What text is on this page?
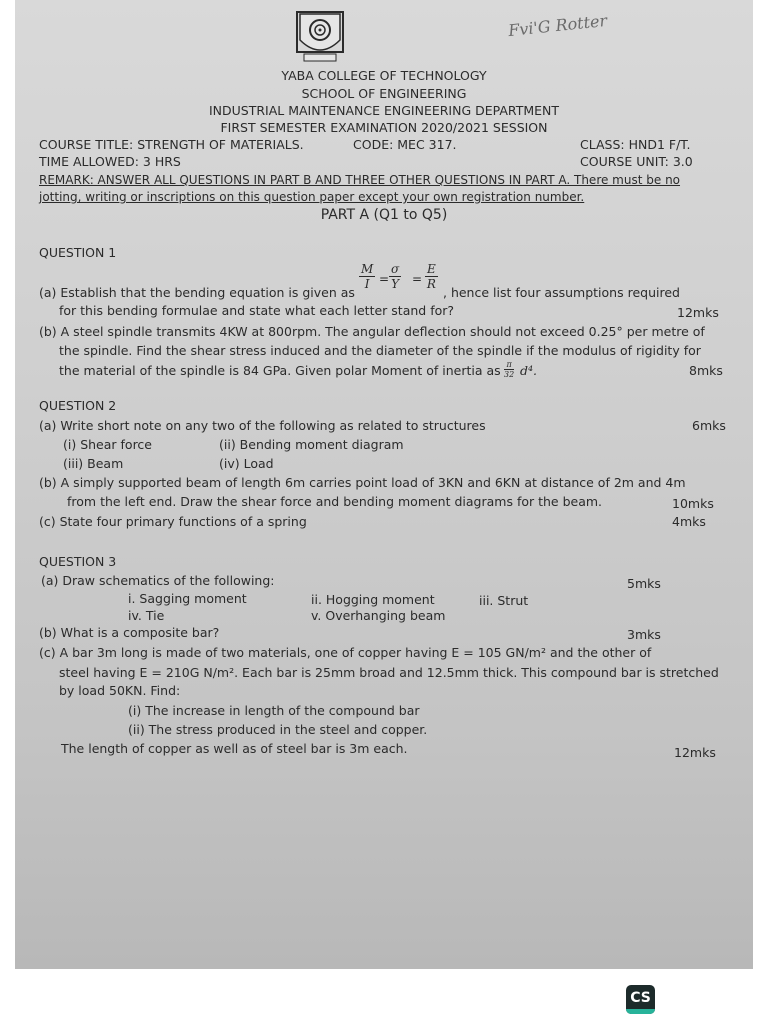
Fvi'G Rotter
YABA COLLEGE OF TECHNOLOGY
SCHOOL OF ENGINEERING
INDUSTRIAL MAINTENANCE ENGINEERING DEPARTMENT
FIRST SEMESTER EXAMINATION 2020/2021 SESSION
COURSE TITLE: STRENGTH OF MATERIALS.	CODE: MEC 317.	CLASS: HND1 F/T.
TIME ALLOWED: 3 HRS	COURSE UNIT: 3.0
REMARK: ANSWER ALL QUESTIONS IN PART B AND THREE OTHER QUESTIONS IN PART A. There must be no
jotting, writing or inscriptions on this question paper except your own registration number.
PART A (Q1 to Q5)
QUESTION 1
$\frac{M}{I} = \frac{\sigma}{Y} = \frac{E}{R}$
(a) Establish that the bending equation is given as	, hence list four assumptions required
for this bending formulae and state what each letter stand for?	12mks
(b) A steel spindle transmits 4KW at 800rpm. The angular deflection should not exceed 0.25° per metre of
the spindle. Find the shear stress induced and the diameter of the spindle if the modulus of rigidity for
the material of the spindle is 84 GPa. Given polar Moment of inertia as $\frac{\pi}{32} d^4$.	8mks
QUESTION 2
(a) Write short note on any two of the following as related to structures	6mks
(i) Shear force	(ii) Bending moment diagram
(iii) Beam	(iv) Load
(b) A simply supported beam of length 6m carries point load of 3KN and 6KN at distance of 2m and 4m
from the left end. Draw the shear force and bending moment diagrams for the beam.	10mks
(c) State four primary functions of a spring	4mks
QUESTION 3
(a) Draw schematics of the following:	5mks
i. Sagging moment	ii. Hogging moment	iii. Strut
iv. Tie	v. Overhanging beam
(b) What is a composite bar?	3mks
(c) A bar 3m long is made of two materials, one of copper having E = 105 GN/m² and the other of
steel having E = 210G N/m². Each bar is 25mm broad and 12.5mm thick. This compound bar is stretched
by load 50KN. Find:
(i) The increase in length of the compound bar
(ii) The stress produced in the steel and copper.
The length of copper as well as of steel bar is 3m each.	12mks
CS
